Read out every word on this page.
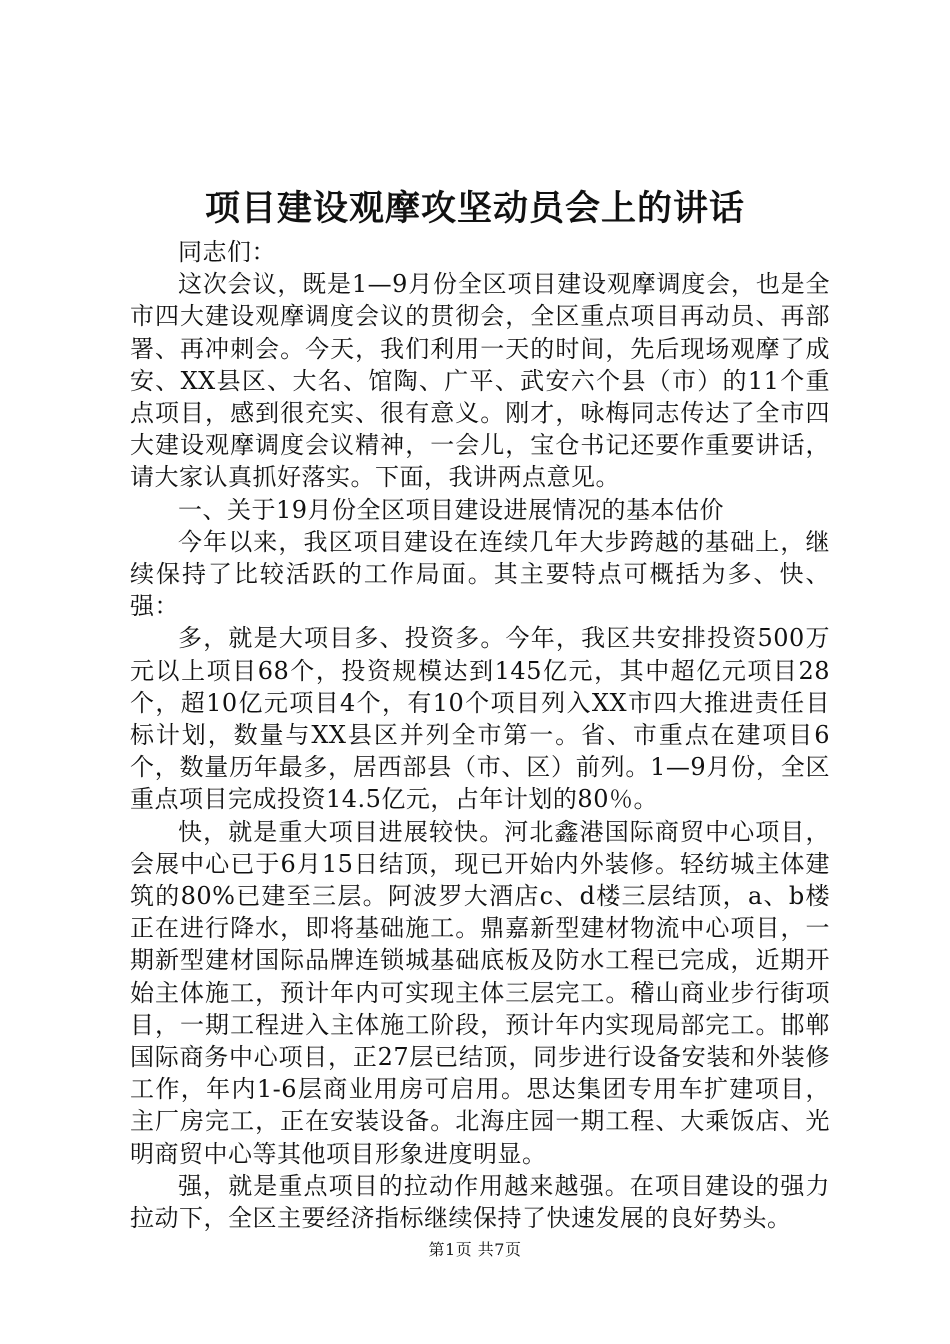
项目建设观摩攻坚动员会上的讲话

同志们：

这次会议，既是1—9月份全区项目建设观摩调度会，也是全市四大建设观摩调度会议的贯彻会，全区重点项目再动员、再部署、再冲刺会。今天，我们利用一天的时间，先后现场观摩了成安、XX县区、大名、馆陶、广平、武安六个县（市）的11个重点项目，感到很充实、很有意义。刚才，咏梅同志传达了全市四大建设观摩调度会议精神，一会儿，宝仓书记还要作重要讲话，请大家认真抓好落实。下面，我讲两点意见。

一、关于19月份全区项目建设进展情况的基本估价

今年以来，我区项目建设在连续几年大步跨越的基础上，继续保持了比较活跃的工作局面。其主要特点可概括为多、快、强：

多，就是大项目多、投资多。今年，我区共安排投资500万元以上项目68个，投资规模达到145亿元，其中超亿元项目28个，超10亿元项目4个，有10个项目列入XX市四大推进责任目标计划，数量与XX县区并列全市第一。省、市重点在建项目6个，数量历年最多，居西部县（市、区）前列。1—9月份，全区重点项目完成投资14.5亿元，占年计划的80％。

快，就是重大项目进展较快。河北鑫港国际商贸中心项目，会展中心已于6月15日结顶，现已开始内外装修。轻纺城主体建筑的80%已建至三层。阿波罗大酒店c、d楼三层结顶，a、b楼正在进行降水，即将基础施工。鼎嘉新型建材物流中心项目，一期新型建材国际品牌连锁城基础底板及防水工程已完成，近期开始主体施工，预计年内可实现主体三层完工。稽山商业步行街项目，一期工程进入主体施工阶段，预计年内实现局部完工。邯郸国际商务中心项目，正27层已结顶，同步进行设备安装和外装修工作，年内1-6层商业用房可启用。思达集团专用车扩建项目，主厂房完工，正在安装设备。北海庄园一期工程、大乘饭店、光明商贸中心等其他项目形象进度明显。

强，就是重点项目的拉动作用越来越强。在项目建设的强力拉动下，全区主要经济指标继续保持了快速发展的良好势头。

第1页 共7页
